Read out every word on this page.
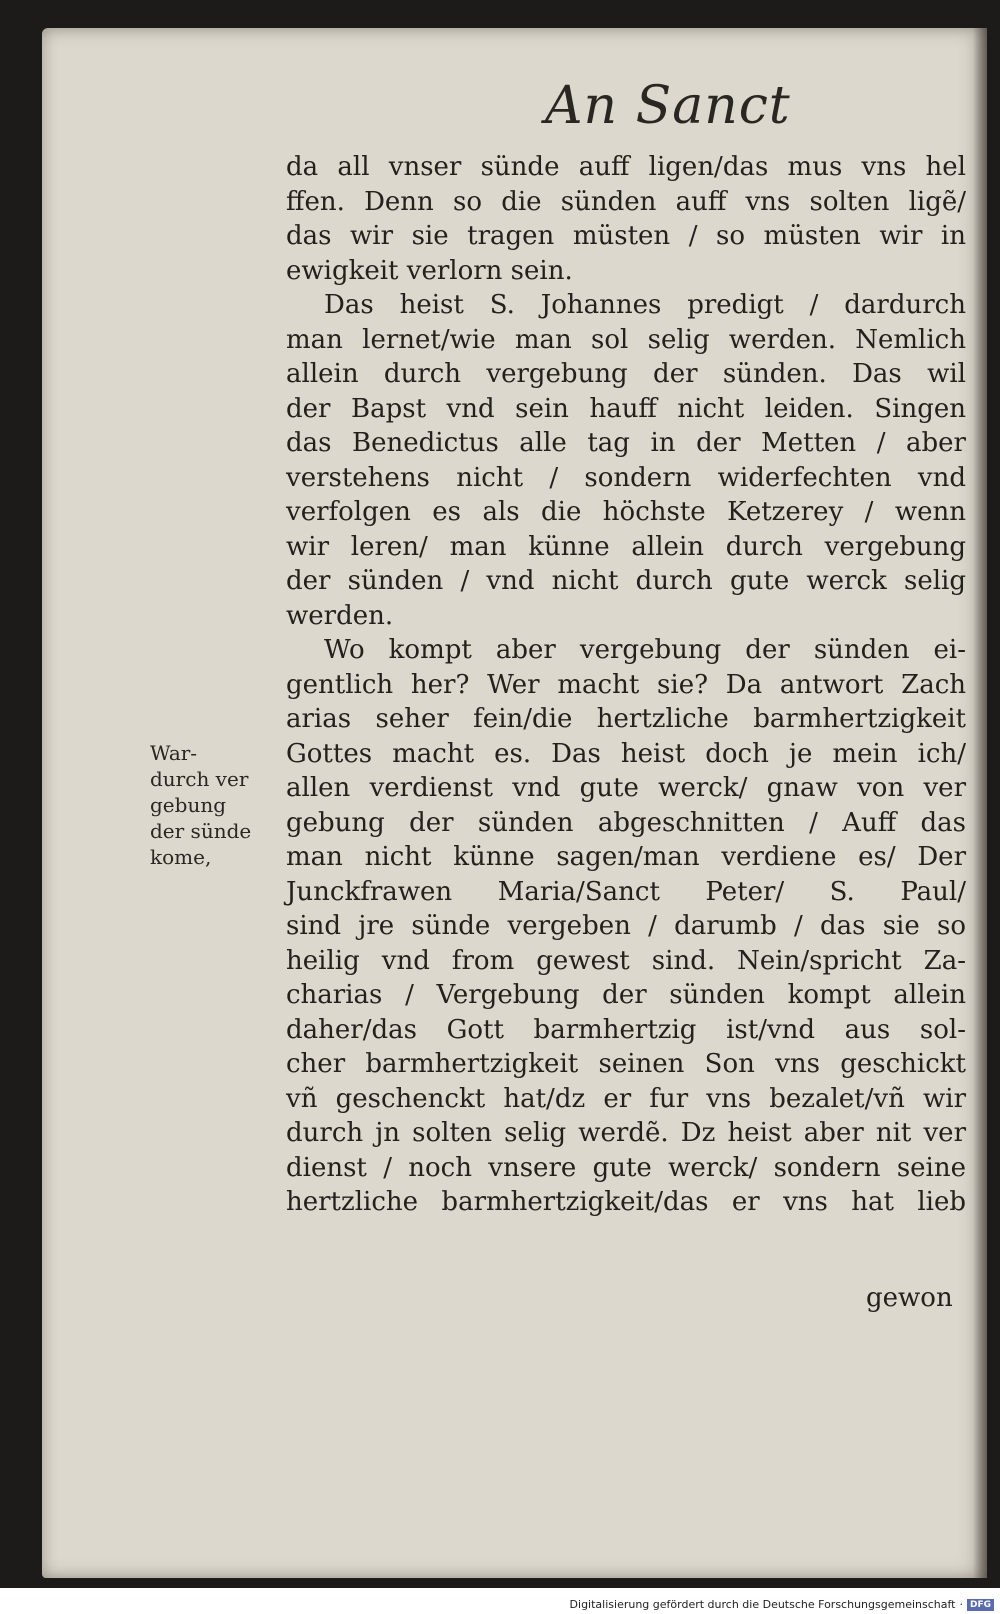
An Sanct
da all vnser sünde auff ligen/das mus vns hel
ffen. Denn so die sünden auff vns solten ligẽ/
das wir sie tragen müsten / so müsten wir in
ewigkeit verlorn sein.
Das heist S. Johannes predigt / dardurch
man lernet/wie man sol selig werden. Nemlich
allein durch vergebung der sünden. Das wil
der Bapst vnd sein hauff nicht leiden. Singen
das Benedictus alle tag in der Metten / aber
verstehens nicht / sondern widerfechten vnd
verfolgen es als die höchste Ketzerey / wenn
wir leren/ man künne allein durch vergebung
der sünden / vnd nicht durch gute werck selig
werden.
Wo kompt aber vergebung der sünden ei-
gentlich her? Wer macht sie? Da antwort Zach
arias seher fein/die hertzliche barmhertzigkeit
Gottes macht es. Das heist doch je mein ich/
allen verdienst vnd gute werck/ gnaw von ver
gebung der sünden abgeschnitten / Auff das
man nicht künne sagen/man verdiene es/ Der
Junckfrawen Maria/Sanct Peter/ S. Paul/
sind jre sünde vergeben / darumb / das sie so
heilig vnd from gewest sind. Nein/spricht Za-
charias / Vergebung der sünden kompt allein
daher/das Gott barmhertzig ist/vnd aus sol-
cher barmhertzigkeit seinen Son vns geschickt
vñ geschenckt hat/dz er fur vns bezalet/vñ wir
durch jn solten selig werdẽ. Dz heist aber nit ver
dienst / noch vnsere gute werck/ sondern seine
hertzliche barmhertzigkeit/das er vns hat lieb
War-
durch ver
gebung
der sünde
kome,
gewon
Digitalisierung gefördert durch die Deutsche Forschungsgemeinschaft · DFG
